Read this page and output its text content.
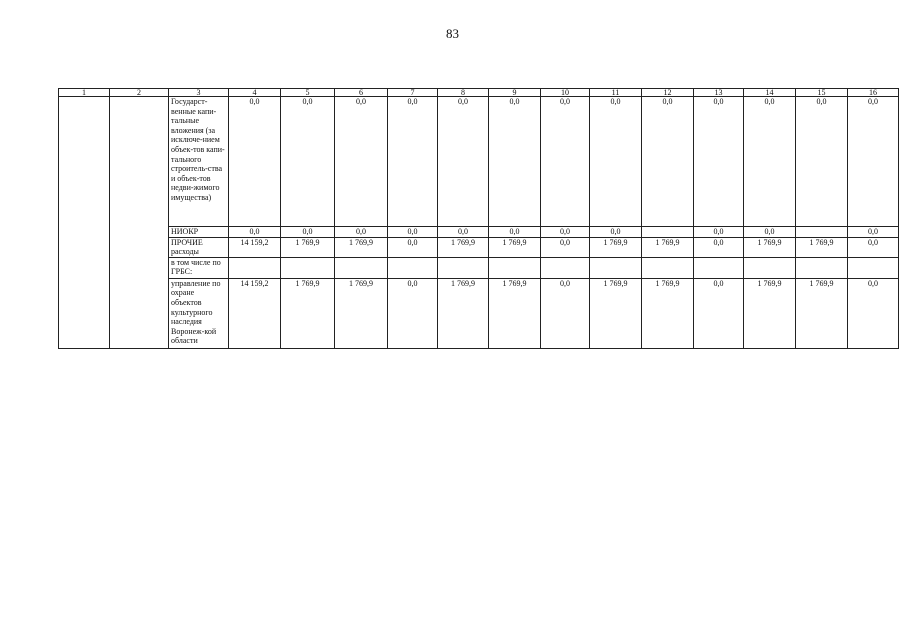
83
1	2	3	4	5	6	7	8	9	10	11	12	13	14	15	16
		Государст-венные капи-тальные вложения (за исключе-нием объек-тов капи-тального строитель-ства и объек-тов недви-жимого имущества)	0,0	0,0	0,0	0,0	0,0	0,0	0,0	0,0	0,0	0,0	0,0	0,0	0,0
		НИОКР	0,0	0,0	0,0	0,0	0,0	0,0	0,0	0,0		0,0	0,0		0,0
		ПРОЧИЕ расходы	14 159,2	1 769,9	1 769,9	0,0	1 769,9	1 769,9	0,0	1 769,9	1 769,9	0,0	1 769,9	1 769,9	0,0
		в том числе по ГРБС:													
		управление по охране объектов культурного наследия Воронеж-кой области	14 159,2	1 769,9	1 769,9	0,0	1 769,9	1 769,9	0,0	1 769,9	1 769,9	0,0	1 769,9	1 769,9	0,0
